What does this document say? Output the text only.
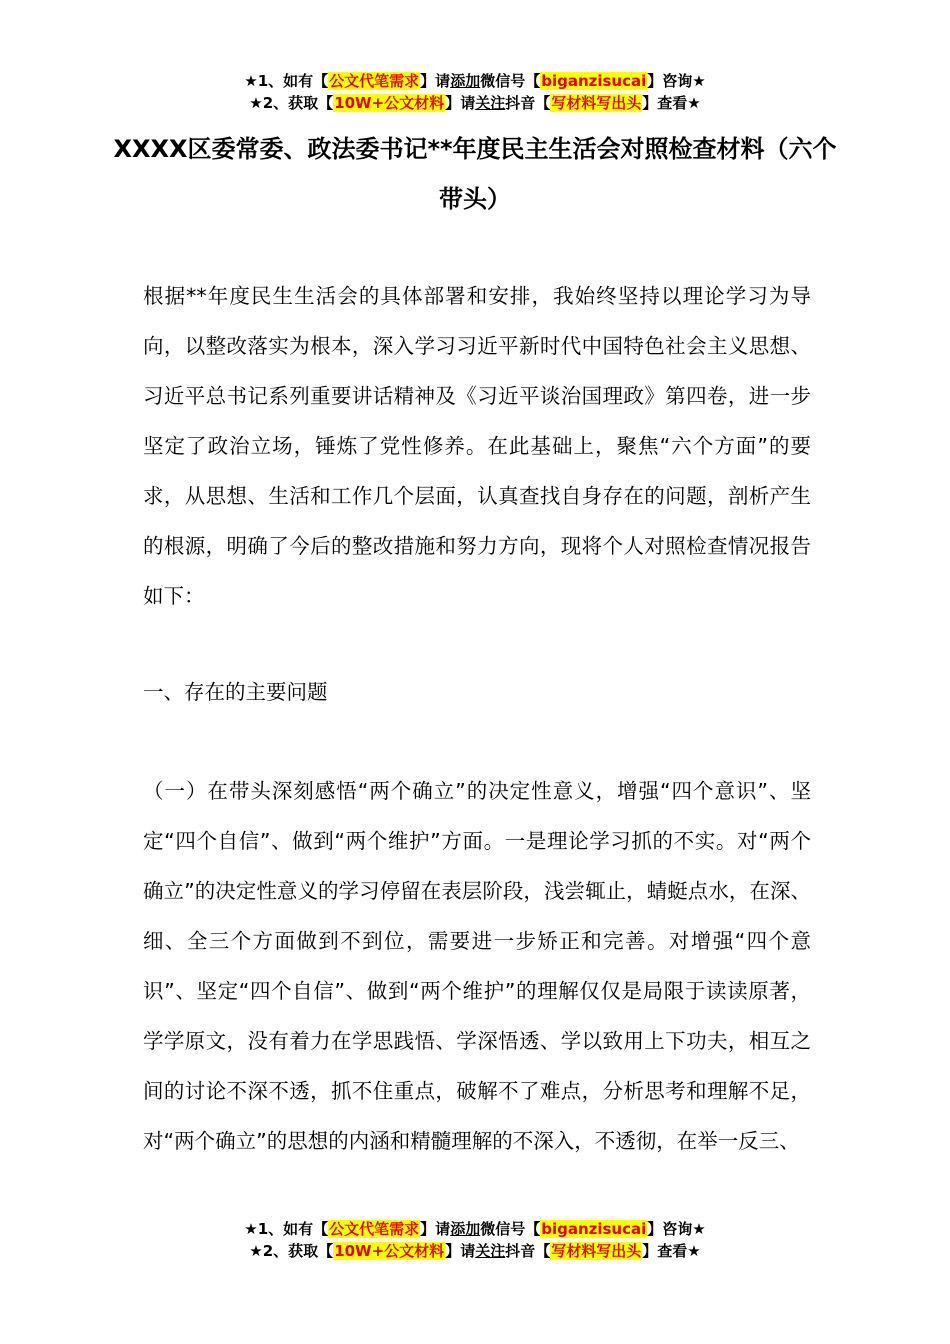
★1、如有【公文代笔需求】请添加微信号【biganzisucai】咨询★
★2、获取【10W+公文材料】请关注抖音【写材料写出头】查看★
XXXX区委常委、政法委书记**年度民主生活会对照检查材料（六个带头）
根据**年度民生生活会的具体部署和安排，我始终坚持以理论学习为导向，以整改落实为根本，深入学习习近平新时代中国特色社会主义思想、习近平总书记系列重要讲话精神及《习近平谈治国理政》第四卷，进一步坚定了政治立场，锤炼了党性修养。在此基础上，聚焦“六个方面”的要求，从思想、生活和工作几个层面，认真查找自身存在的问题，剖析产生的根源，明确了今后的整改措施和努力方向，现将个人对照检查情况报告如下：
一、存在的主要问题
（一）在带头深刻感悟“两个确立”的决定性意义，增强“四个意识”、坚定“四个自信”、做到“两个维护”方面。一是理论学习抓的不实。对“两个确立”的决定性意义的学习停留在表层阶段，浅尝辄止，蜻蜓点水，在深、细、全三个方面做到不到位，需要进一步矫正和完善。对增强“四个意识”、坚定“四个自信”、做到“两个维护”的理解仅仅是局限于读读原著，学学原文，没有着力在学思践悟、学深悟透、学以致用上下功夫，相互之间的讨论不深不透，抓不住重点，破解不了难点，分析思考和理解不足，对“两个确立”的思想的内涵和精髓理解的不深入，不透彻，在举一反三、
★1、如有【公文代笔需求】请添加微信号【biganzisucai】咨询★
★2、获取【10W+公文材料】请关注抖音【写材料写出头】查看★
